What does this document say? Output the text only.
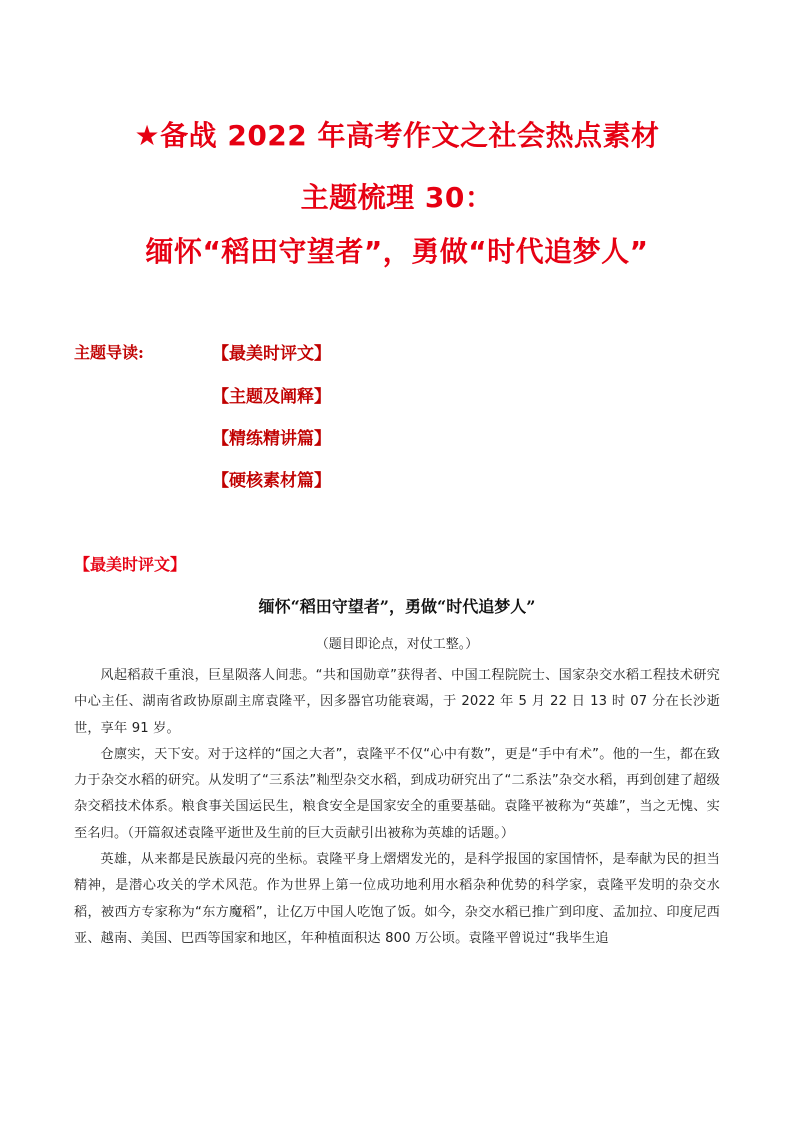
★备战 2022 年高考作文之社会热点素材
主题梳理 30：
缅怀“稻田守望者”，勇做“时代追梦人”
主题导读:	【最美时评文】
【主题及阐释】
【精练精讲篇】
【硬核素材篇】
【最美时评文】
缅怀“稻田守望者”，勇做“时代追梦人”
（题目即论点，对仗工整。）

风起稻菽千重浪，巨星陨落人间悲。“共和国勋章”获得者、中国工程院院士、国家杂交水稻工程技术研究中心主任、湖南省政协原副主席袁隆平，因多器官功能衰竭，于 2022 年 5 月 22 日 13 时 07 分在长沙逝世，享年 91 岁。

仓廪实，天下安。对于这样的“国之大者”，袁隆平不仅“心中有数”，更是“手中有术”。他的一生，都在致力于杂交水稻的研究。从发明了“三系法”籼型杂交水稻，到成功研究出了“二系法”杂交水稻，再到创建了超级杂交稻技术体系。粮食事关国运民生，粮食安全是国家安全的重要基础。袁隆平被称为“英雄”，当之无愧、实至名归。（开篇叙述袁隆平逝世及生前的巨大贡献引出被称为英雄的话题。）

英雄，从来都是民族最闪亮的坐标。袁隆平身上熠熠发光的，是科学报国的家国情怀，是奉献为民的担当精神，是潜心攻关的学术风范。作为世界上第一位成功地利用水稻杂种优势的科学家，袁隆平发明的杂交水稻，被西方专家称为“东方魔稻”，让亿万中国人吃饱了饭。如今，杂交水稻已推广到印度、孟加拉、印度尼西亚、越南、美国、巴西等国家和地区，年种植面积达 800 万公顷。袁隆平曾说过“我毕生追
